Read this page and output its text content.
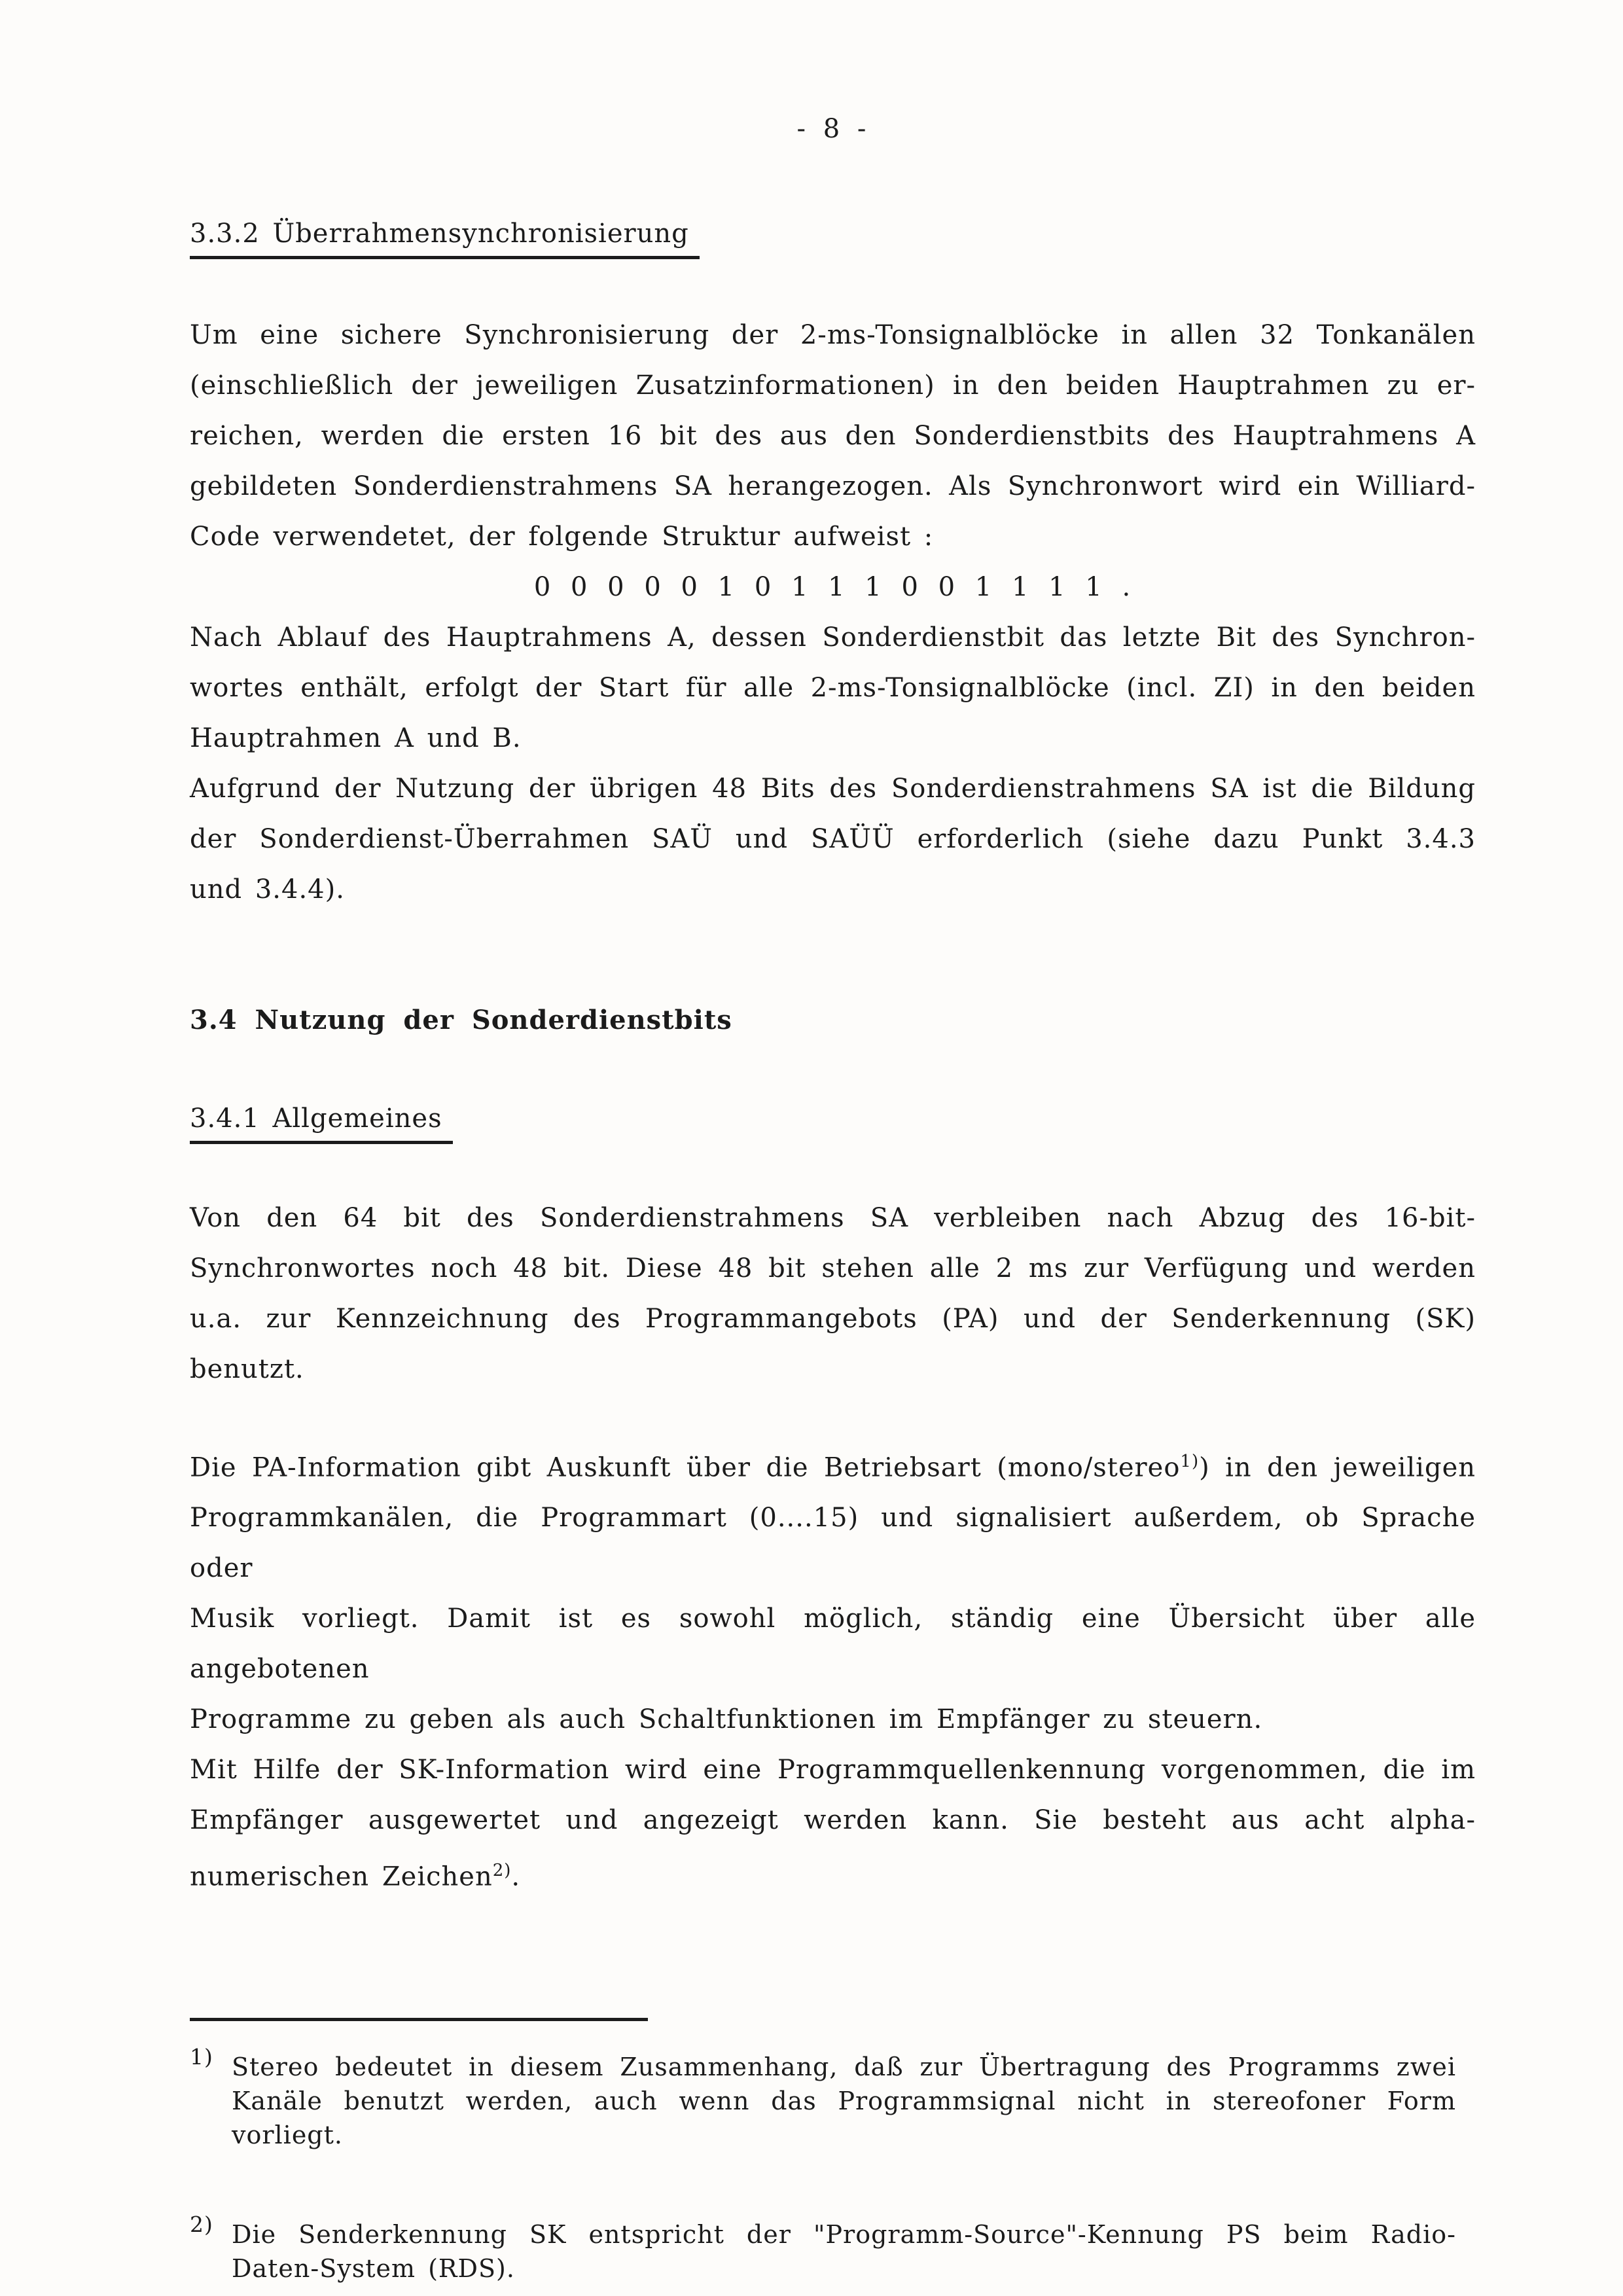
- 8 -
3.3.2 Überrahmensynchronisierung
Um eine sichere Synchronisierung der 2-ms-Tonsignalblöcke in allen 32 Tonkanälen
(einschließlich der jeweiligen Zusatzinformationen) in den beiden Hauptrahmen zu er-
reichen, werden die ersten 16 bit des aus den Sonderdienstbits des Hauptrahmens A
gebildeten Sonderdienstrahmens SA herangezogen. Als Synchronwort wird ein Williard-
Code verwendetet, der folgende Struktur aufweist :
0 0 0 0 0 1 0 1 1 1 0 0 1 1 1 1 .
Nach Ablauf des Hauptrahmens A, dessen Sonderdienstbit das letzte Bit des Synchron-
wortes enthält, erfolgt der Start für alle 2-ms-Tonsignalblöcke (incl. ZI) in den beiden
Hauptrahmen A und B.
Aufgrund der Nutzung der übrigen 48 Bits des Sonderdienstrahmens SA ist die Bildung
der Sonderdienst-Überrahmen SAÜ und SAÜÜ erforderlich (siehe dazu Punkt 3.4.3
und 3.4.4).
3.4 Nutzung der Sonderdienstbits
3.4.1 Allgemeines
Von den 64 bit des Sonderdienstrahmens SA verbleiben nach Abzug des 16-bit-
Synchronwortes noch 48 bit. Diese 48 bit stehen alle 2 ms zur Verfügung und werden
u.a. zur Kennzeichnung des Programmangebots (PA) und der Senderkennung (SK) benutzt.
Die PA-Information gibt Auskunft über die Betriebsart (mono/stereo$^{1)}$) in den jeweiligen
Programmkanälen, die Programmart (0....15) und signalisiert außerdem, ob Sprache oder
Musik vorliegt. Damit ist es sowohl möglich, ständig eine Übersicht über alle angebotenen
Programme zu geben als auch Schaltfunktionen im Empfänger zu steuern.
Mit Hilfe der SK-Information wird eine Programmquellenkennung vorgenommen, die im
Empfänger ausgewertet und angezeigt werden kann. Sie besteht aus acht alpha-
numerischen Zeichen$^{2)}$.
1) Stereo bedeutet in diesem Zusammenhang, daß zur Übertragung des Programms zwei
Kanäle benutzt werden, auch wenn das Programmsignal nicht in stereofoner Form
vorliegt.
2) Die Senderkennung SK entspricht der "Programm-Source"-Kennung PS beim Radio-
Daten-System (RDS).
